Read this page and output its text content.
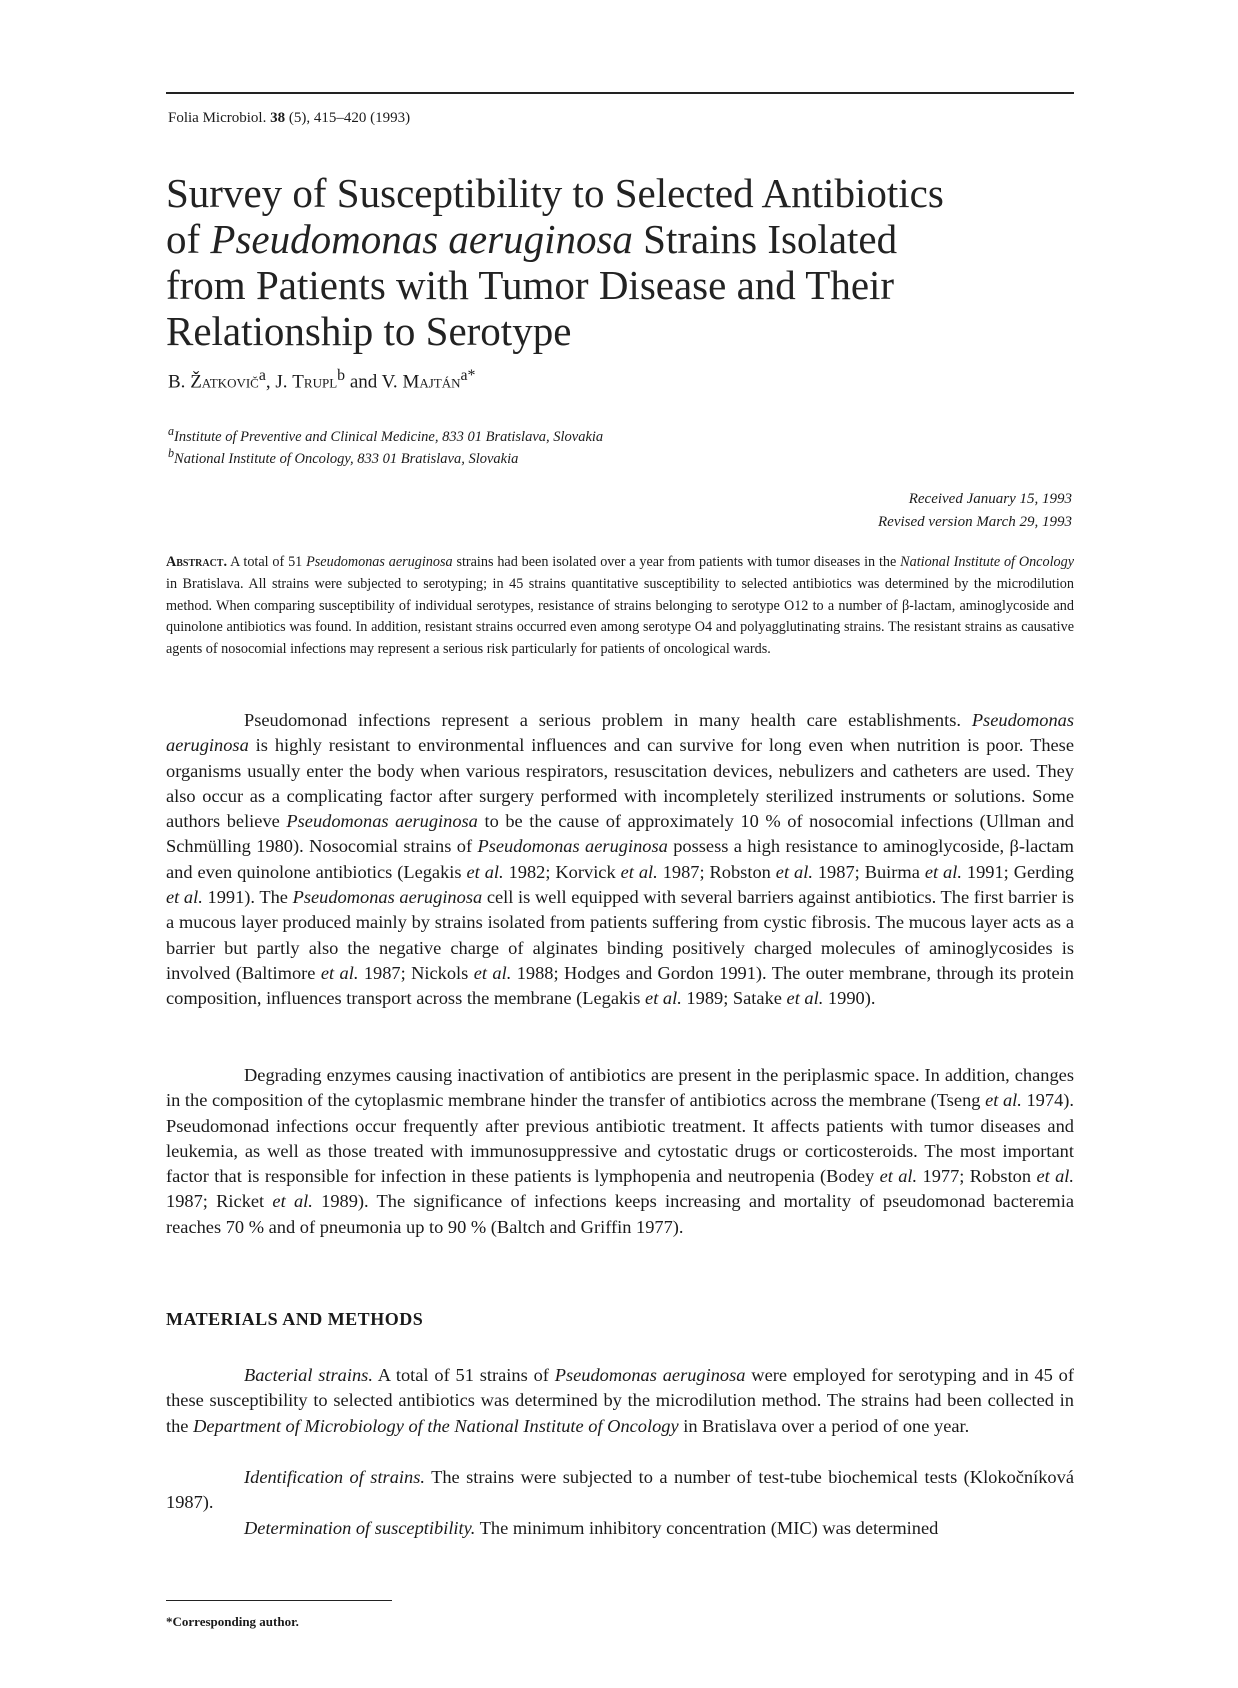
Folia Microbiol. 38 (5), 415–420 (1993)
Survey of Susceptibility to Selected Antibiotics
of Pseudomonas aeruginosa Strains Isolated
from Patients with Tumor Disease and Their
Relationship to Serotype
B. Žatkovič$^a$, J. Trupl$^b$ and V. Majtán$^{a*}$
$^a$Institute of Preventive and Clinical Medicine, 833 01 Bratislava, Slovakia
$^b$National Institute of Oncology, 833 01 Bratislava, Slovakia
Received January 15, 1993
Revised version March 29, 1993

Abstract. A total of 51 Pseudomonas aeruginosa strains had been isolated over a year from patients with tumor diseases in the National Institute of Oncology in Bratislava. All strains were subjected to serotyping; in 45 strains quantitative susceptibility to selected antibiotics was determined by the microdilution method. When comparing susceptibility of individual serotypes, resistance of strains belonging to serotype O12 to a number of β-lactam, aminoglycoside and quinolone antibiotics was found. In addition, resistant strains occurred even among serotype O4 and polyagglutinating strains. The resistant strains as causative agents of nosocomial infections may represent a serious risk particularly for patients of oncological wards.

Pseudomonad infections represent a serious problem in many health care establishments. Pseudomonas aeruginosa is highly resistant to environmental influences and can survive for long even when nutrition is poor. These organisms usually enter the body when various respirators, resuscitation devices, nebulizers and catheters are used. They also occur as a complicating factor after surgery performed with incompletely sterilized instruments or solutions. Some authors believe Pseudomonas aeruginosa to be the cause of approximately 10 % of nosocomial infections (Ullman and Schmülling 1980). Nosocomial strains of Pseudomonas aeruginosa possess a high resistance to aminoglycoside, β-lactam and even quinolone antibiotics (Legakis et al. 1982; Korvick et al. 1987; Robston et al. 1987; Buirma et al. 1991; Gerding et al. 1991). The Pseudomonas aeruginosa cell is well equipped with several barriers against antibiotics. The first barrier is a mucous layer produced mainly by strains isolated from patients suffering from cystic fibrosis. The mucous layer acts as a barrier but partly also the negative charge of alginates binding positively charged molecules of aminoglycosides is involved (Baltimore et al. 1987; Nickols et al. 1988; Hodges and Gordon 1991). The outer membrane, through its protein composition, influences transport across the membrane (Legakis et al. 1989; Satake et al. 1990).

Degrading enzymes causing inactivation of antibiotics are present in the periplasmic space. In addition, changes in the composition of the cytoplasmic membrane hinder the transfer of antibiotics across the membrane (Tseng et al. 1974). Pseudomonad infections occur frequently after previous antibiotic treatment. It affects patients with tumor diseases and leukemia, as well as those treated with immunosuppressive and cytostatic drugs or corticosteroids. The most important factor that is responsible for infection in these patients is lymphopenia and neutropenia (Bodey et al. 1977; Robston et al. 1987; Ricket et al. 1989). The significance of infections keeps increasing and mortality of pseudomonad bacteremia reaches 70 % and of pneumonia up to 90 % (Baltch and Griffin 1977).

MATERIALS AND METHODS

Bacterial strains. A total of 51 strains of Pseudomonas aeruginosa were employed for serotyping and in 45 of these susceptibility to selected antibiotics was determined by the microdilution method. The strains had been collected in the Department of Microbiology of the National Institute of Oncology in Bratislava over a period of one year.

Identification of strains. The strains were subjected to a number of test-tube biochemical tests (Klokočníková 1987).

Determination of susceptibility. The minimum inhibitory concentration (MIC) was determined

*Corresponding author.
